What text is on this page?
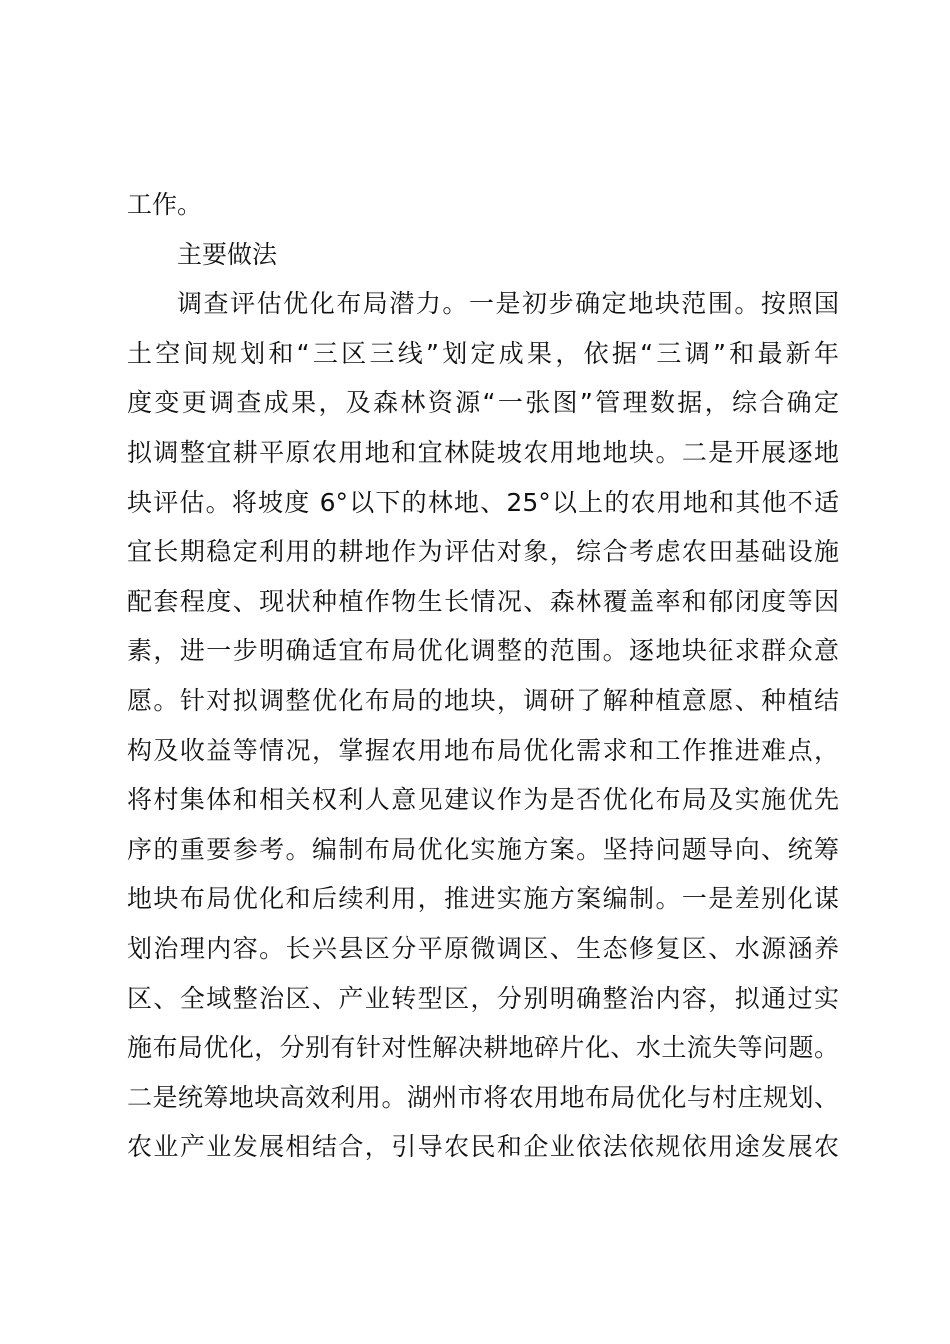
工作。
主要做法
调查评估优化布局潜力。一是初步确定地块范围。按照国
土空间规划和“三区三线”划定成果，依据“三调”和最新年
度变更调查成果，及森林资源“一张图”管理数据，综合确定
拟调整宜耕平原农用地和宜林陡坡农用地地块。二是开展逐地
块评估。将坡度 6°以下的林地、25°以上的农用地和其他不适
宜长期稳定利用的耕地作为评估对象，综合考虑农田基础设施
配套程度、现状种植作物生长情况、森林覆盖率和郁闭度等因
素，进一步明确适宜布局优化调整的范围。逐地块征求群众意
愿。针对拟调整优化布局的地块，调研了解种植意愿、种植结
构及收益等情况，掌握农用地布局优化需求和工作推进难点，
将村集体和相关权利人意见建议作为是否优化布局及实施优先
序的重要参考。编制布局优化实施方案。坚持问题导向、统筹
地块布局优化和后续利用，推进实施方案编制。一是差别化谋
划治理内容。长兴县区分平原微调区、生态修复区、水源涵养
区、全域整治区、产业转型区，分别明确整治内容，拟通过实
施布局优化，分别有针对性解决耕地碎片化、水土流失等问题。
二是统筹地块高效利用。湖州市将农用地布局优化与村庄规划、
农业产业发展相结合，引导农民和企业依法依规依用途发展农
